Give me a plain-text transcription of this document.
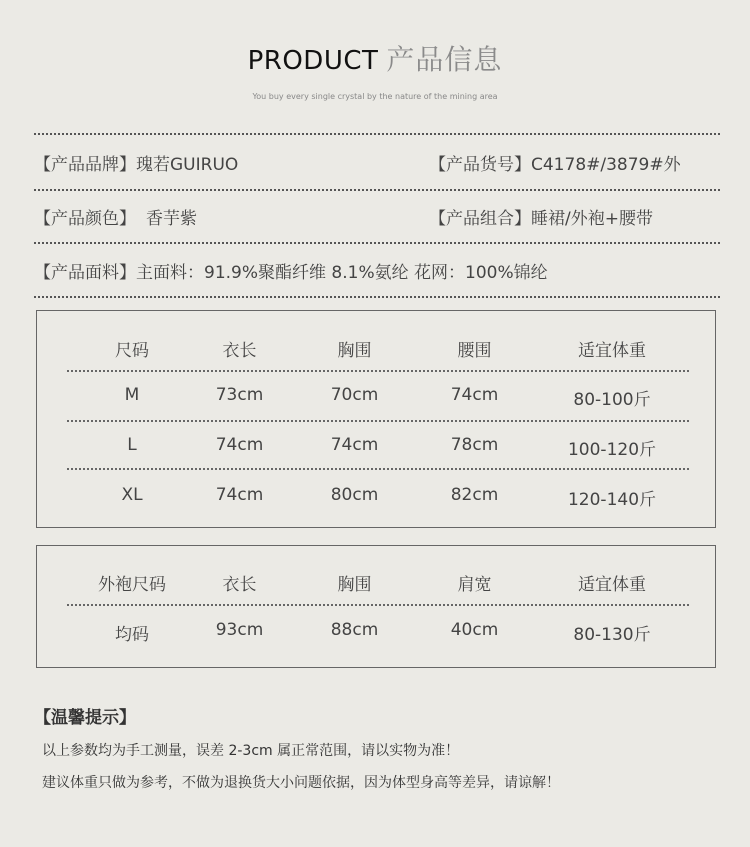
PRODUCT 产品信息
You buy every single crystal by the nature of the mining area
【产品品牌】瑰若GUIRUO	【产品货号】C4178#/3879#外
【产品颜色】 香芋紫	【产品组合】睡裙/外袍+腰带
【产品面料】主面料：91.9%聚酯纤维 8.1%氨纶 花网：100%锦纶
尺码	衣长	胸围	腰围	适宜体重
M	73cm	70cm	74cm	80-100斤
L	74cm	74cm	78cm	100-120斤
XL	74cm	80cm	82cm	120-140斤
外袍尺码	衣长	胸围	肩宽	适宜体重
均码	93cm	88cm	40cm	80-130斤
【温馨提示】
以上参数均为手工测量，误差 2-3cm 属正常范围，请以实物为准！
建议体重只做为参考，不做为退换货大小问题依据，因为体型身高等差异，请谅解！
